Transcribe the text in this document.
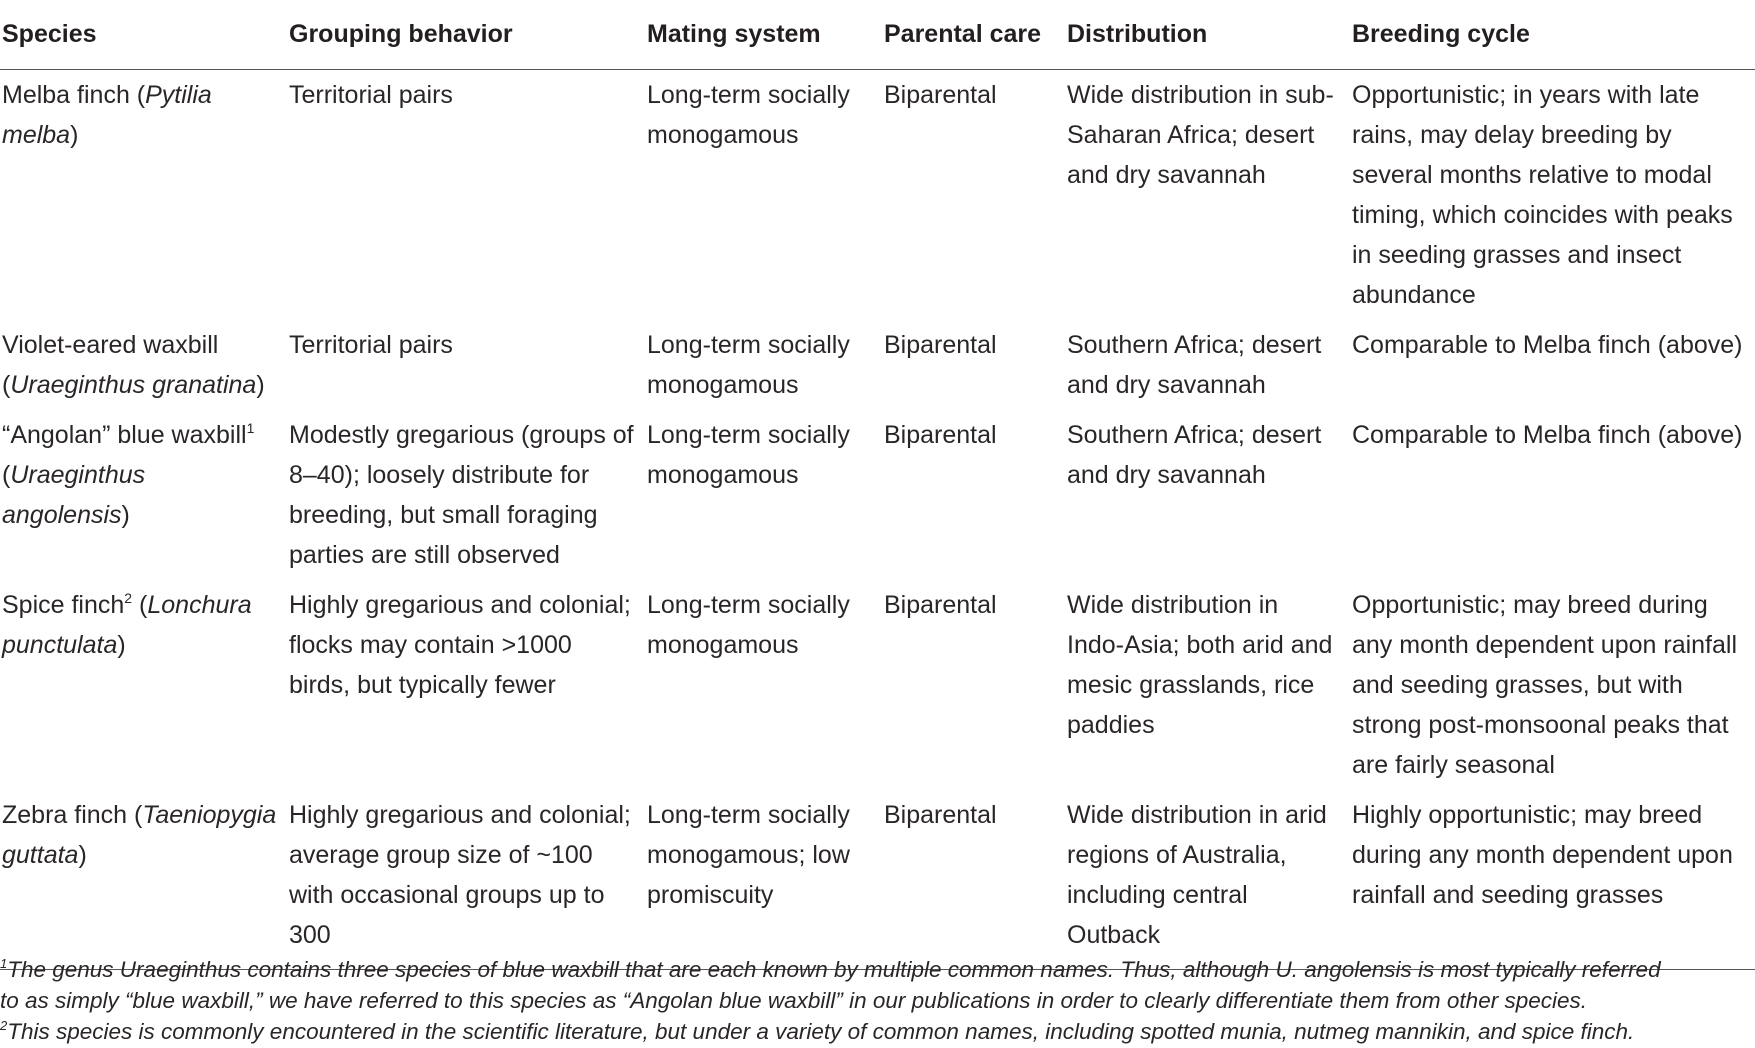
Species	Grouping behavior	Mating system	Parental care	Distribution	Breeding cycle
Melba finch (Pytilia melba)	Territorial pairs	Long-term socially monogamous	Biparental	Wide distribution in sub-Saharan Africa; desert and dry savannah	Opportunistic; in years with late rains, may delay breeding by several months relative to modal timing, which coincides with peaks in seeding grasses and insect abundance
Violet-eared waxbill (Uraeginthus granatina)	Territorial pairs	Long-term socially monogamous	Biparental	Southern Africa; desert and dry savannah	Comparable to Melba finch (above)
“Angolan” blue waxbill$^1$ (Uraeginthus angolensis)	Modestly gregarious (groups of 8–40); loosely distribute for breeding, but small foraging parties are still observed	Long-term socially monogamous	Biparental	Southern Africa; desert and dry savannah	Comparable to Melba finch (above)
Spice finch$^2$ (Lonchura punctulata)	Highly gregarious and colonial; flocks may contain >1000 birds, but typically fewer	Long-term socially monogamous	Biparental	Wide distribution in Indo-Asia; both arid and mesic grasslands, rice paddies	Opportunistic; may breed during any month dependent upon rainfall and seeding grasses, but with strong post-monsoonal peaks that are fairly seasonal
Zebra finch (Taeniopygia guttata)	Highly gregarious and colonial; average group size of ~100 with occasional groups up to 300	Long-term socially monogamous; low promiscuity	Biparental	Wide distribution in arid regions of Australia, including central Outback	Highly opportunistic; may breed during any month dependent upon rainfall and seeding grasses

$^1$The genus Uraeginthus contains three species of blue waxbill that are each known by multiple common names. Thus, although U. angolensis is most typically referred

to as simply “blue waxbill,” we have referred to this species as “Angolan blue waxbill” in our publications in order to clearly differentiate them from other species.

$^2$This species is commonly encountered in the scientific literature, but under a variety of common names, including spotted munia, nutmeg mannikin, and spice finch.
